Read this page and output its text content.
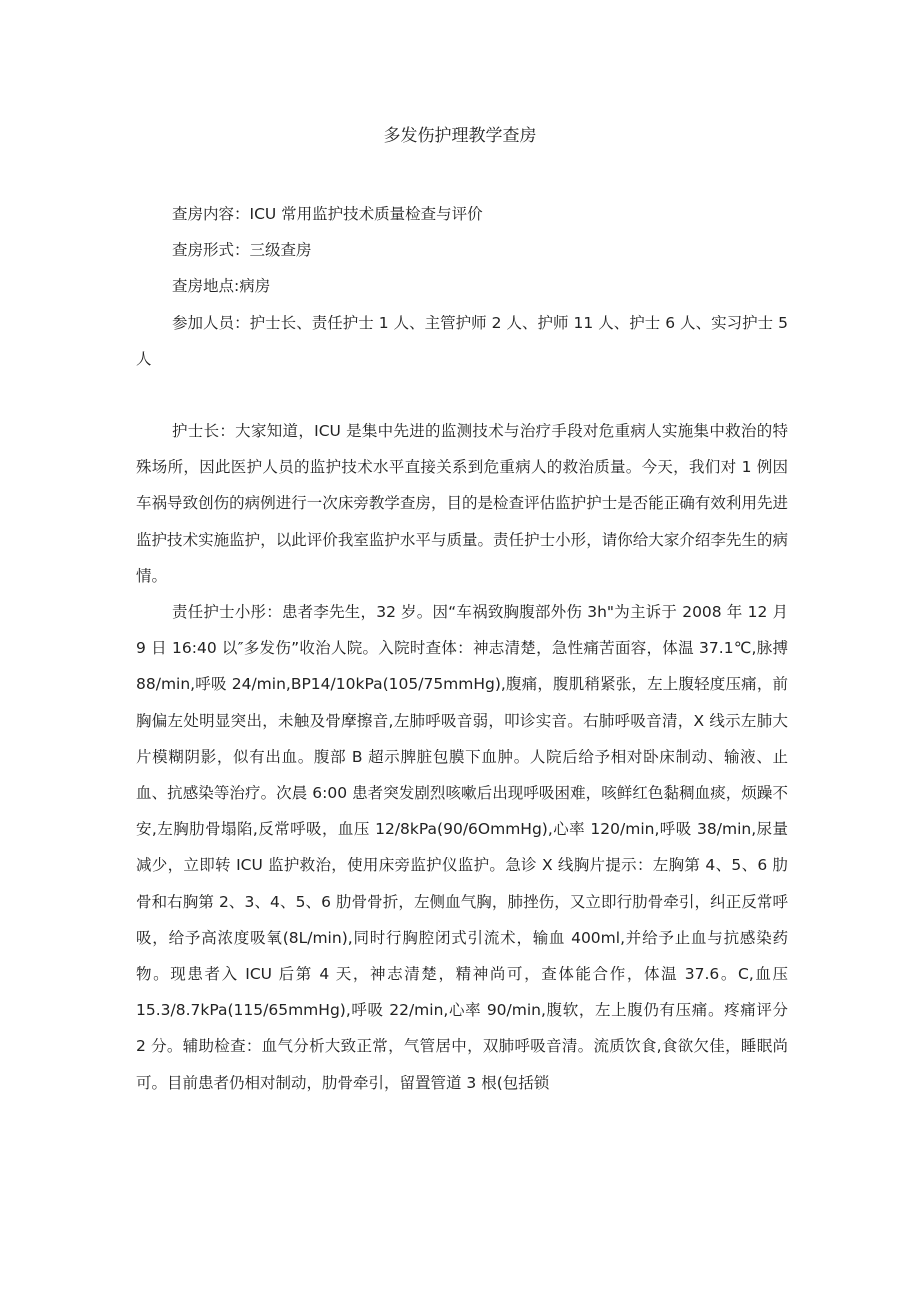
多发伤护理教学查房

查房内容：ICU 常用监护技术质量检查与评价

查房形式：三级查房

查房地点:病房

参加人员：护士长、责任护士 1 人、主管护师 2 人、护师 11 人、护士 6 人、实习护士 5 人

护士长：大家知道，ICU 是集中先进的监测技术与治疗手段对危重病人实施集中救治的特殊场所，因此医护人员的监护技术水平直接关系到危重病人的救治质量。今天，我们对 1 例因车祸导致创伤的病例进行一次床旁教学查房，目的是检查评估监护护士是否能正确有效利用先进监护技术实施监护，以此评价我室监护水平与质量。责任护士小形，请你给大家介绍李先生的病情。

责任护士小彤：患者李先生，32 岁。因“车祸致胸腹部外伤 3h"为主诉于 2008 年 12 月 9 日 16:40 以″多发伤”收治人院。入院时查体：神志清楚，急性痛苦面容，体温 37.1℃,脉搏 88∕min,呼吸 24∕min,BP14∕10kPa(105∕75mmHg),腹痛，腹肌稍紧张，左上腹轻度压痛，前胸偏左处明显突出，未触及骨摩擦音,左肺呼吸音弱，叩诊实音。右肺呼吸音清，X 线示左肺大片模糊阴影，似有出血。腹部 B 超示脾脏包膜下血肿。人院后给予相对卧床制动、输液、止血、抗感染等治疗。次晨 6:00 患者突发剧烈咳嗽后出现呼吸困难，咳鲜红色黏稠血痰，烦躁不安,左胸肋骨塌陷,反常呼吸，血压 12/8kPa(90/6OmmHg),心率 120/min,呼吸 38/min,尿量减少，立即转 ICU 监护救治，使用床旁监护仪监护。急诊 X 线胸片提示：左胸第 4、5、6 肋骨和右胸第 2、3、4、5、6 肋骨骨折，左侧血气胸，肺挫伤，又立即行肋骨牵引，纠正反常呼吸，给予高浓度吸氧(8L∕min),同时行胸腔闭式引流术，输血 400ml,并给予止血与抗感染药物。现患者入 ICU 后第 4 天，神志清楚，精神尚可，查体能合作，体温 37.6。C,血压 15.3∕8.7kPa(115∕65mmHg),呼吸 22/min,心率 90/min,腹软，左上腹仍有压痛。疼痛评分 2 分。辅助检查：血气分析大致正常，气管居中，双肺呼吸音清。流质饮食,食欲欠佳，睡眠尚可。目前患者仍相对制动，肋骨牵引，留置管道 3 根(包括锁
